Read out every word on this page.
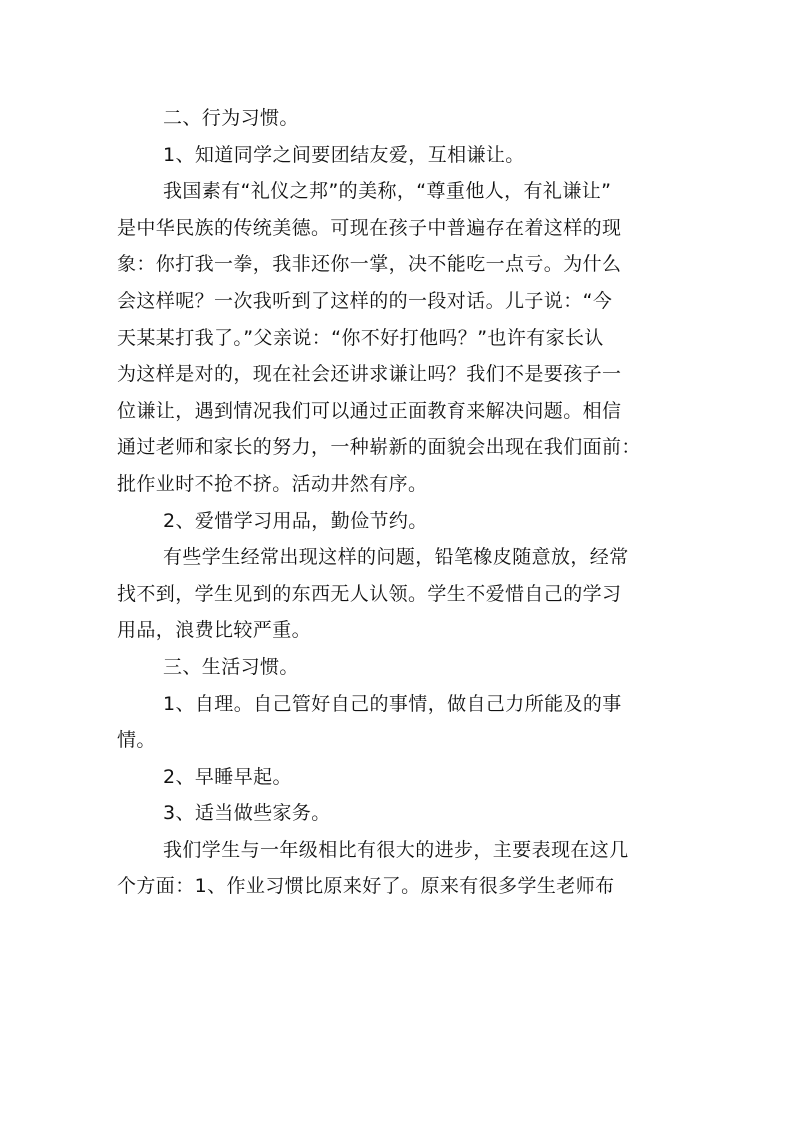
二、行为习惯。
1、知道同学之间要团结友爱，互相谦让。
我国素有“礼仪之邦”的美称，“尊重他人，有礼谦让”
是中华民族的传统美德。可现在孩子中普遍存在着这样的现
象：你打我一拳，我非还你一掌，决不能吃一点亏。为什么
会这样呢？一次我听到了这样的的一段对话。儿子说：“今
天某某打我了。”父亲说：“你不好打他吗？”也许有家长认
为这样是对的，现在社会还讲求谦让吗？我们不是要孩子一
位谦让，遇到情况我们可以通过正面教育来解决问题。相信
通过老师和家长的努力，一种崭新的面貌会出现在我们面前：
批作业时不抢不挤。活动井然有序。
2、爱惜学习用品，勤俭节约。
有些学生经常出现这样的问题，铅笔橡皮随意放，经常
找不到，学生见到的东西无人认领。学生不爱惜自己的学习
用品，浪费比较严重。
三、生活习惯。
1、自理。自己管好自己的事情，做自己力所能及的事
情。
2、早睡早起。
3、适当做些家务。
我们学生与一年级相比有很大的进步，主要表现在这几
个方面：1、作业习惯比原来好了。原来有很多学生老师布
